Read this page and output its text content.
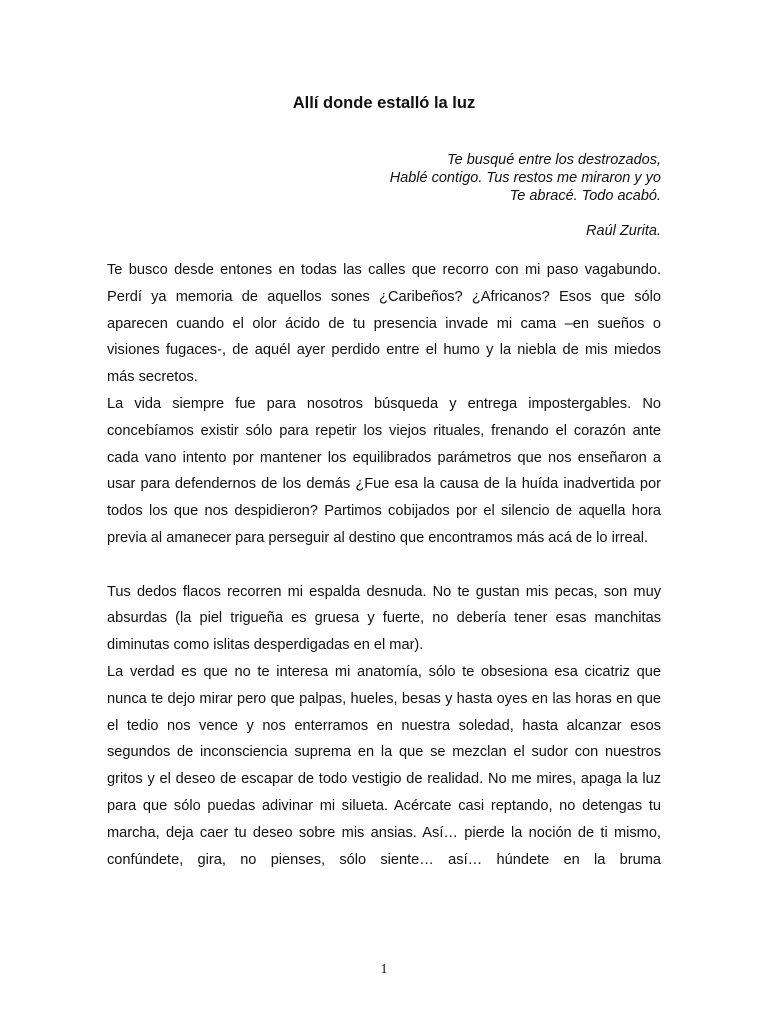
Allí donde estalló la luz
Te busqué entre los destrozados,
Hablé contigo. Tus restos me miraron y yo
Te abracé. Todo acabó.
Raúl Zurita.
Te busco desde entones en todas las calles que recorro con mi paso vagabundo. Perdí ya memoria de aquellos sones ¿Caribeños? ¿Africanos? Esos que sólo aparecen cuando el olor ácido de tu presencia invade mi cama –en sueños o visiones fugaces-, de aquél ayer perdido entre el humo y la niebla de mis miedos más secretos.
La vida siempre fue para nosotros búsqueda y entrega impostergables. No concebíamos existir sólo para repetir los viejos rituales, frenando el corazón ante cada vano intento por mantener los equilibrados parámetros que nos enseñaron a usar para defendernos de los demás ¿Fue esa la causa de la huída inadvertida por todos los que nos despidieron? Partimos cobijados por el silencio de aquella hora previa al amanecer para perseguir al destino que encontramos más acá de lo irreal.
Tus dedos flacos recorren mi espalda desnuda. No te gustan mis pecas, son muy absurdas (la piel trigueña es gruesa y fuerte, no debería tener esas manchitas diminutas como islitas desperdigadas en el mar).
La verdad es que no te interesa mi anatomía, sólo te obsesiona esa cicatriz que nunca te dejo mirar pero que palpas, hueles, besas y hasta oyes en las horas en que el tedio nos vence y nos enterramos en nuestra soledad, hasta alcanzar esos segundos de inconsciencia suprema en la que se mezclan el sudor con nuestros gritos y el deseo de escapar de todo vestigio de realidad. No me mires, apaga la luz para que sólo puedas adivinar mi silueta. Acércate casi reptando, no detengas tu marcha, deja caer tu deseo sobre mis ansias. Así… pierde la noción de ti mismo, confúndete, gira, no pienses, sólo siente… así… húndete en la bruma
1
